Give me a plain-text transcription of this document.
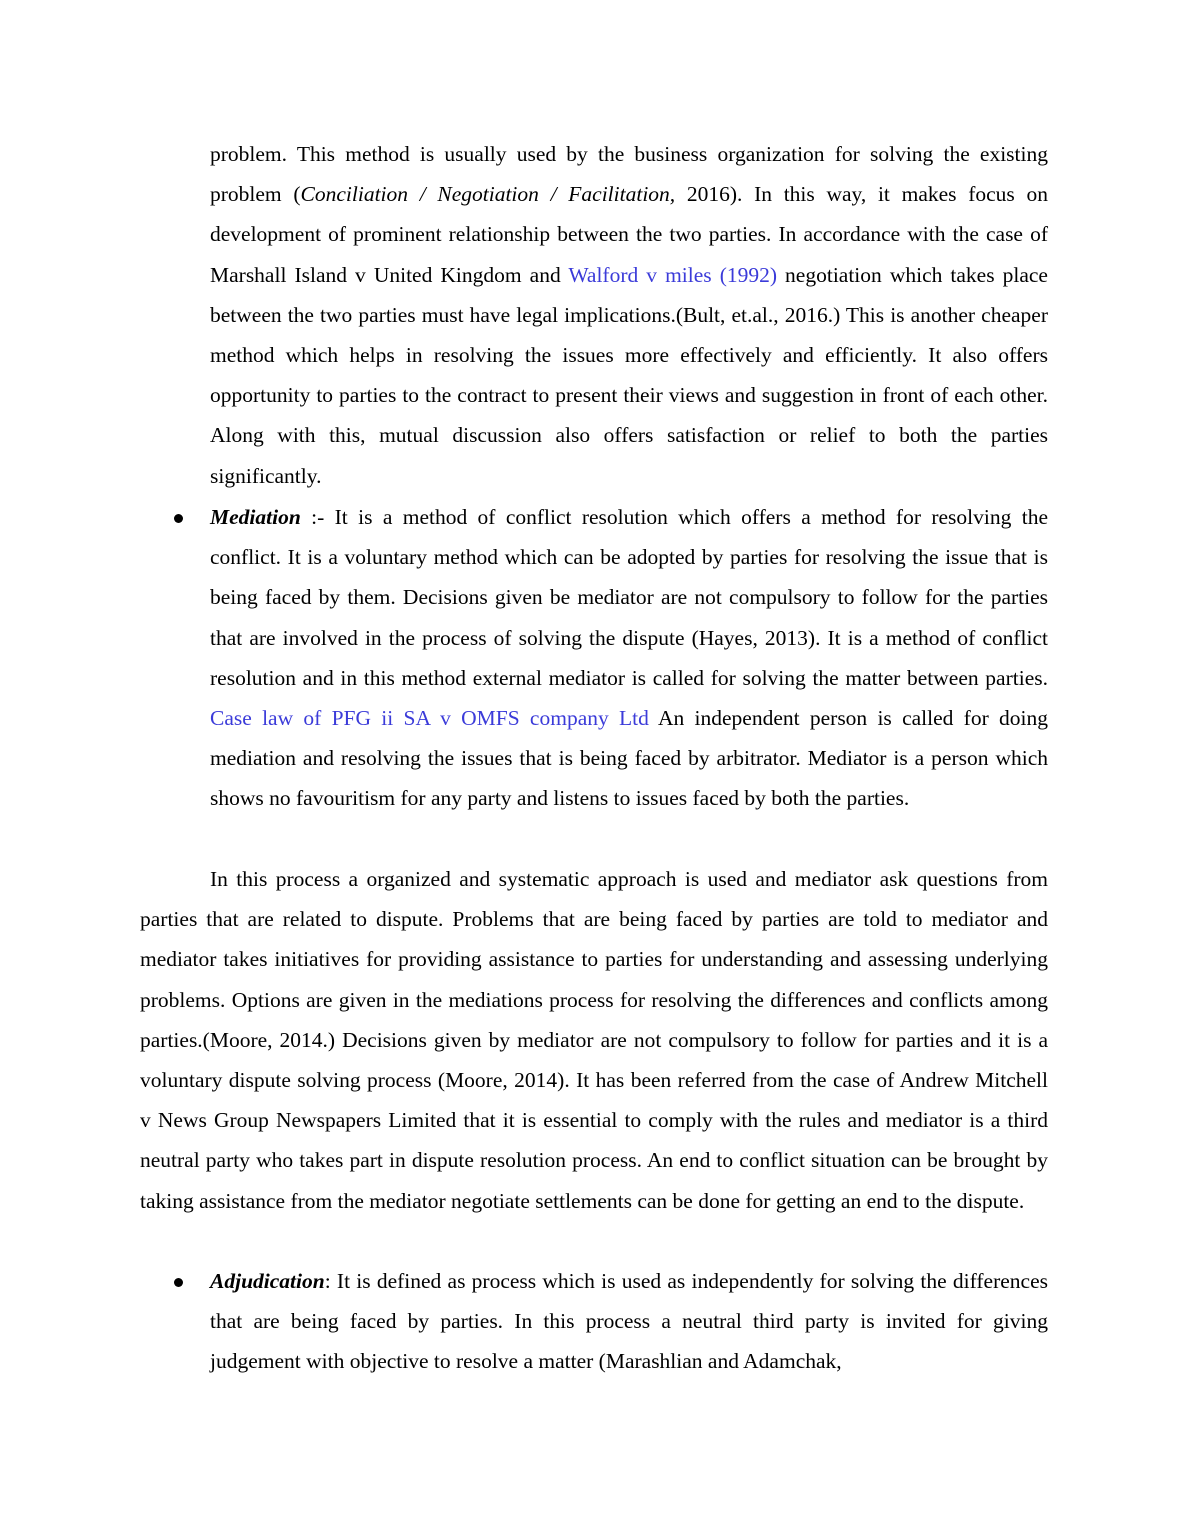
problem. This method is usually used by the business organization for solving the existing problem (Conciliation / Negotiation / Facilitation, 2016). In this way, it makes focus on development of prominent relationship between the two parties. In accordance with the case of Marshall Island v United Kingdom and Walford v miles (1992) negotiation which takes place between the two parties must have legal implications.(Bult, et.al., 2016.) This is another cheaper method which helps in resolving the issues more effectively and efficiently. It also offers opportunity to parties to the contract to present their views and suggestion in front of each other. Along with this, mutual discussion also offers satisfaction or relief to both the parties significantly.

Mediation :- It is a method of conflict resolution which offers a method for resolving the conflict. It is a voluntary method which can be adopted by parties for resolving the issue that is being faced by them. Decisions given be mediator are not compulsory to follow for the parties that are involved in the process of solving the dispute (Hayes, 2013). It is a method of conflict resolution and in this method external mediator is called for solving the matter between parties. Case law of PFG ii SA v OMFS company Ltd An independent person is called for doing mediation and resolving the issues that is being faced by arbitrator. Mediator is a person which shows no favouritism for any party and listens to issues faced by both the parties.

In this process a organized and systematic approach is used and mediator ask questions from parties that are related to dispute. Problems that are being faced by parties are told to mediator and mediator takes initiatives for providing assistance to parties for understanding and assessing underlying problems. Options are given in the mediations process for resolving the differences and conflicts among parties.(Moore, 2014.) Decisions given by mediator are not compulsory to follow for parties and it is a voluntary dispute solving process (Moore, 2014). It has been referred from the case of Andrew Mitchell v News Group Newspapers Limited that it is essential to comply with the rules and mediator is a third neutral party who takes part in dispute resolution process. An end to conflict situation can be brought by taking assistance from the mediator negotiate settlements can be done for getting an end to the dispute.

Adjudication: It is defined as process which is used as independently for solving the differences that are being faced by parties. In this process a neutral third party is invited for giving judgement with objective to resolve a matter (Marashlian and Adamchak,
